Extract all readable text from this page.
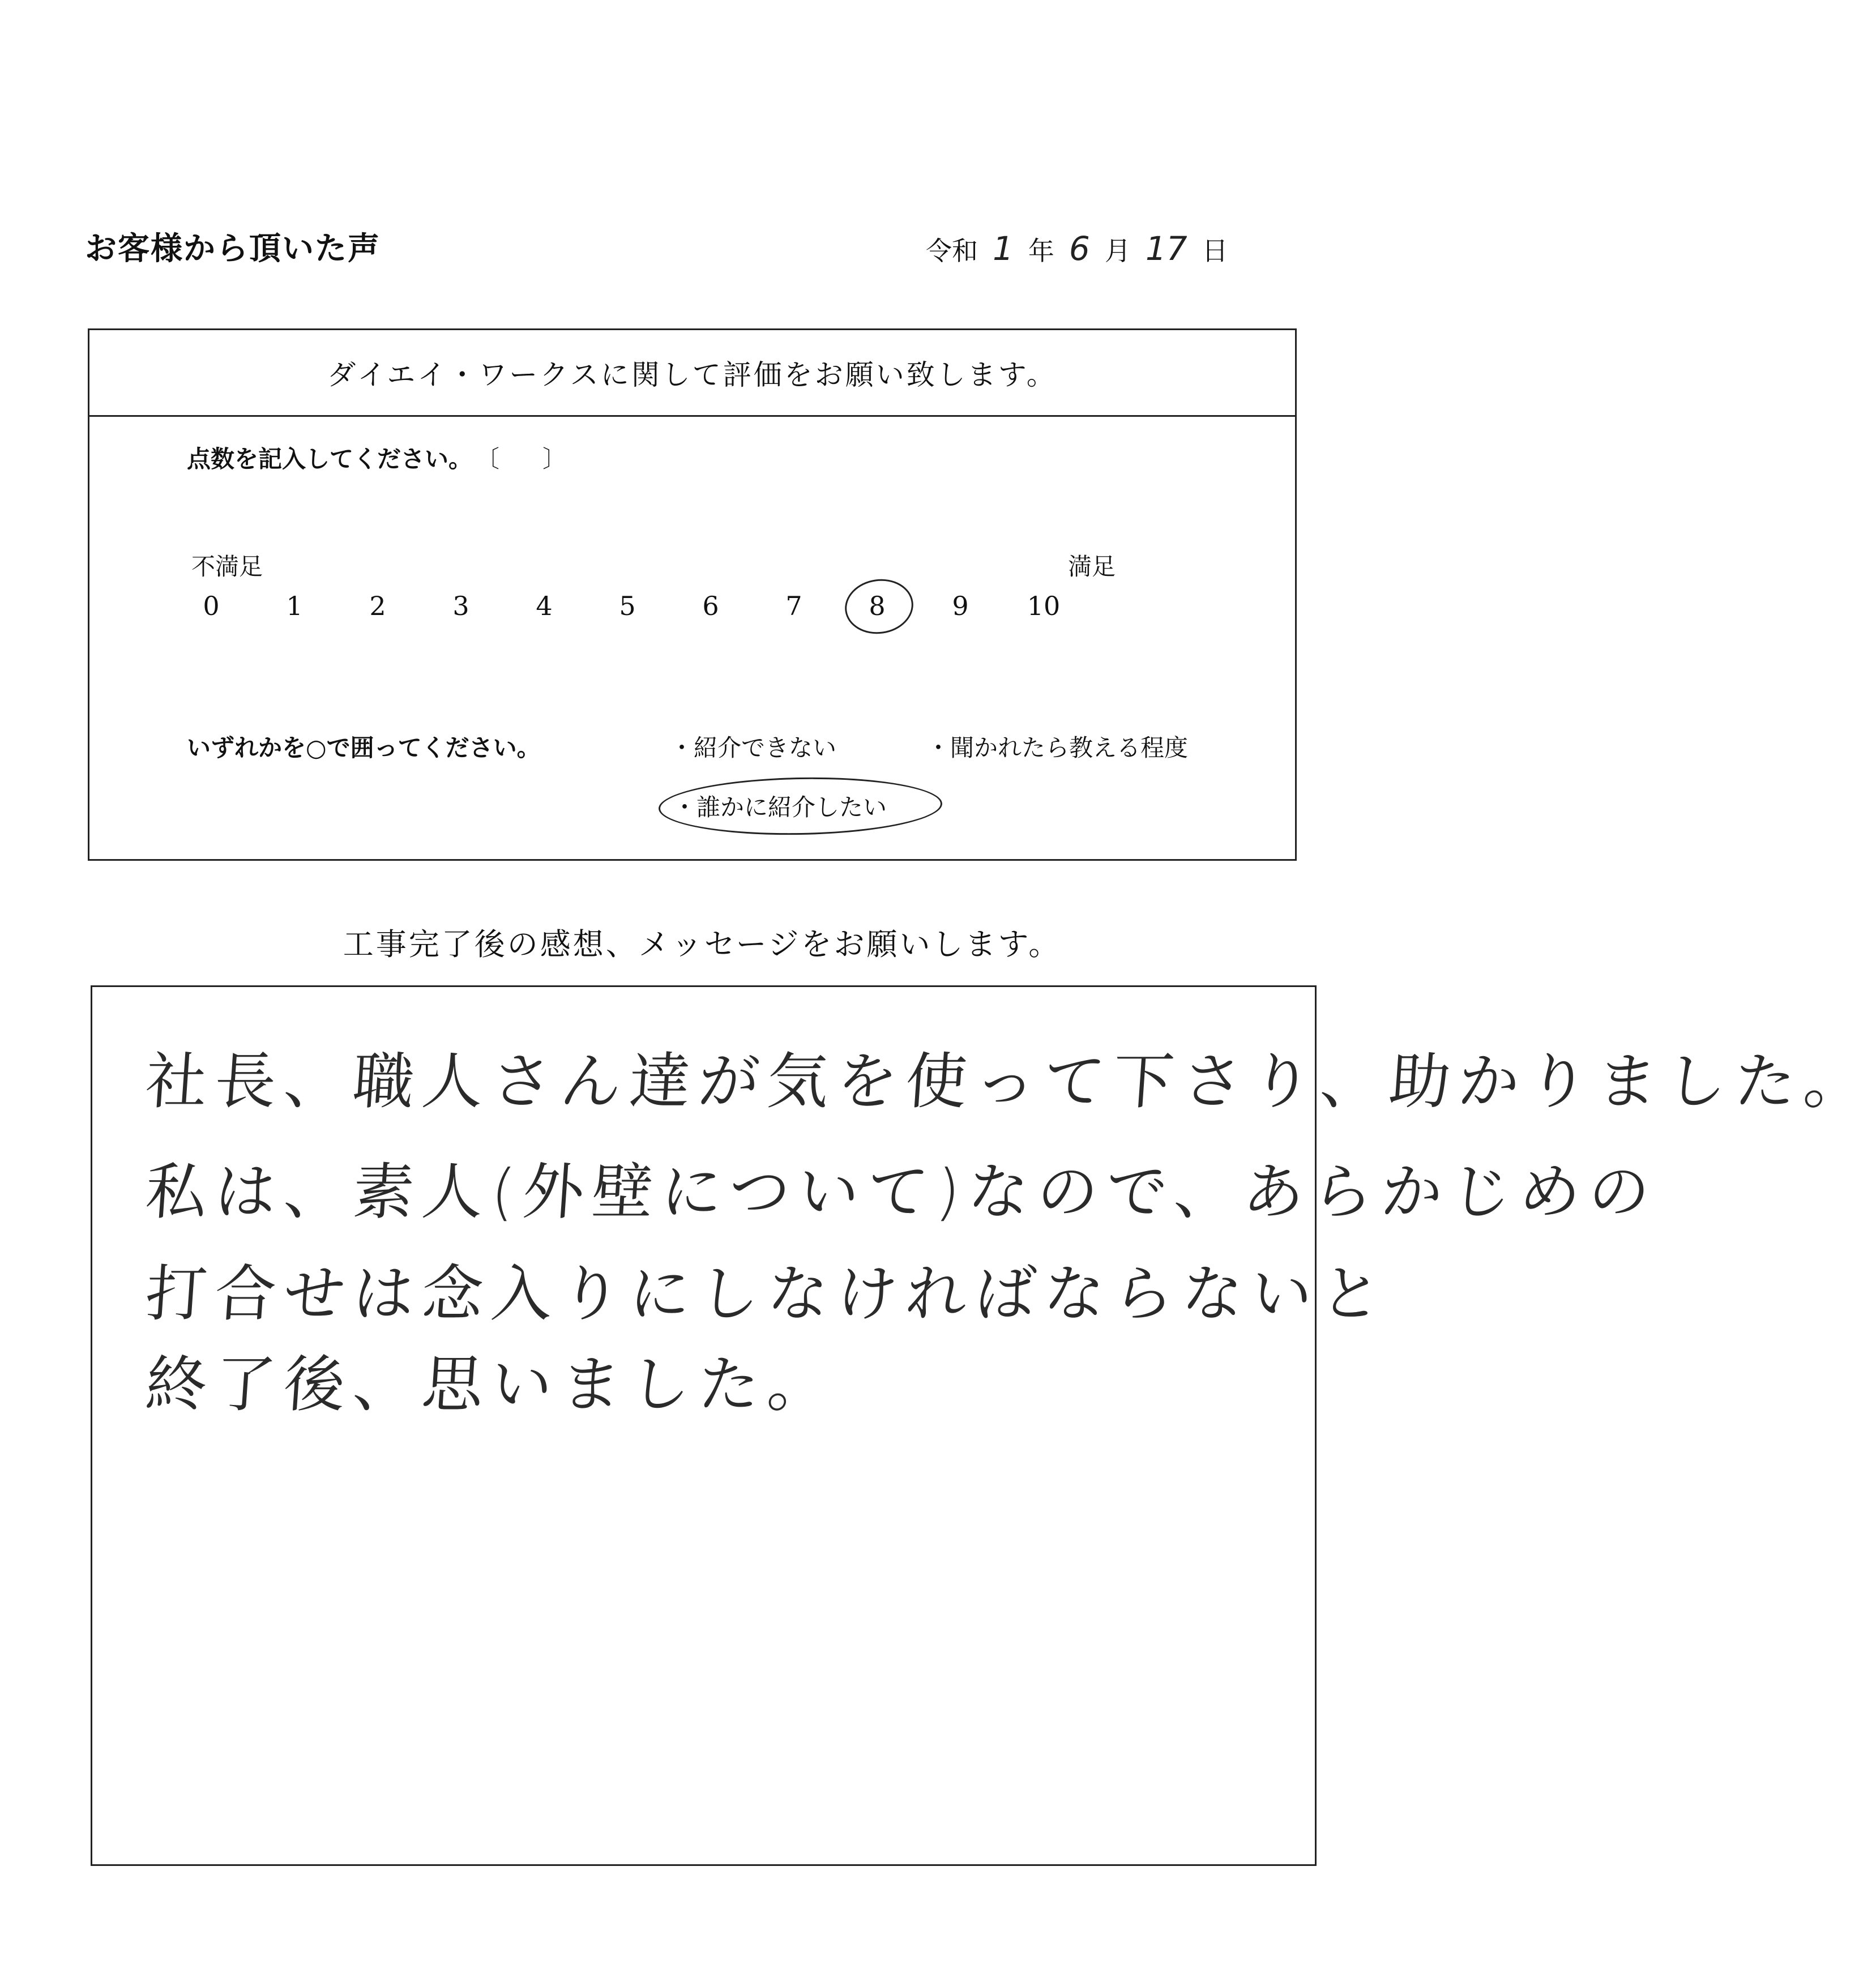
お客様から頂いた声	令和 1 年 6 月 17 日
ダイエイ・ワークスに関して評価をお願い致します。
点数を記入してください。 〔 〕
不満足	満足
0	1	2	3	4	5	6	7	8	9	10
いずれかを○で囲ってください。	・紹介できない	・聞かれたら教える程度
・誰かに紹介したい
工事完了後の感想、メッセージをお願いします。
社長、職人さん達が気を使って下さり、助かりました。
私は、素人(外壁について)なので、あらかじめの
打合せは念入りにしなければならないと
終了後、思いました。
